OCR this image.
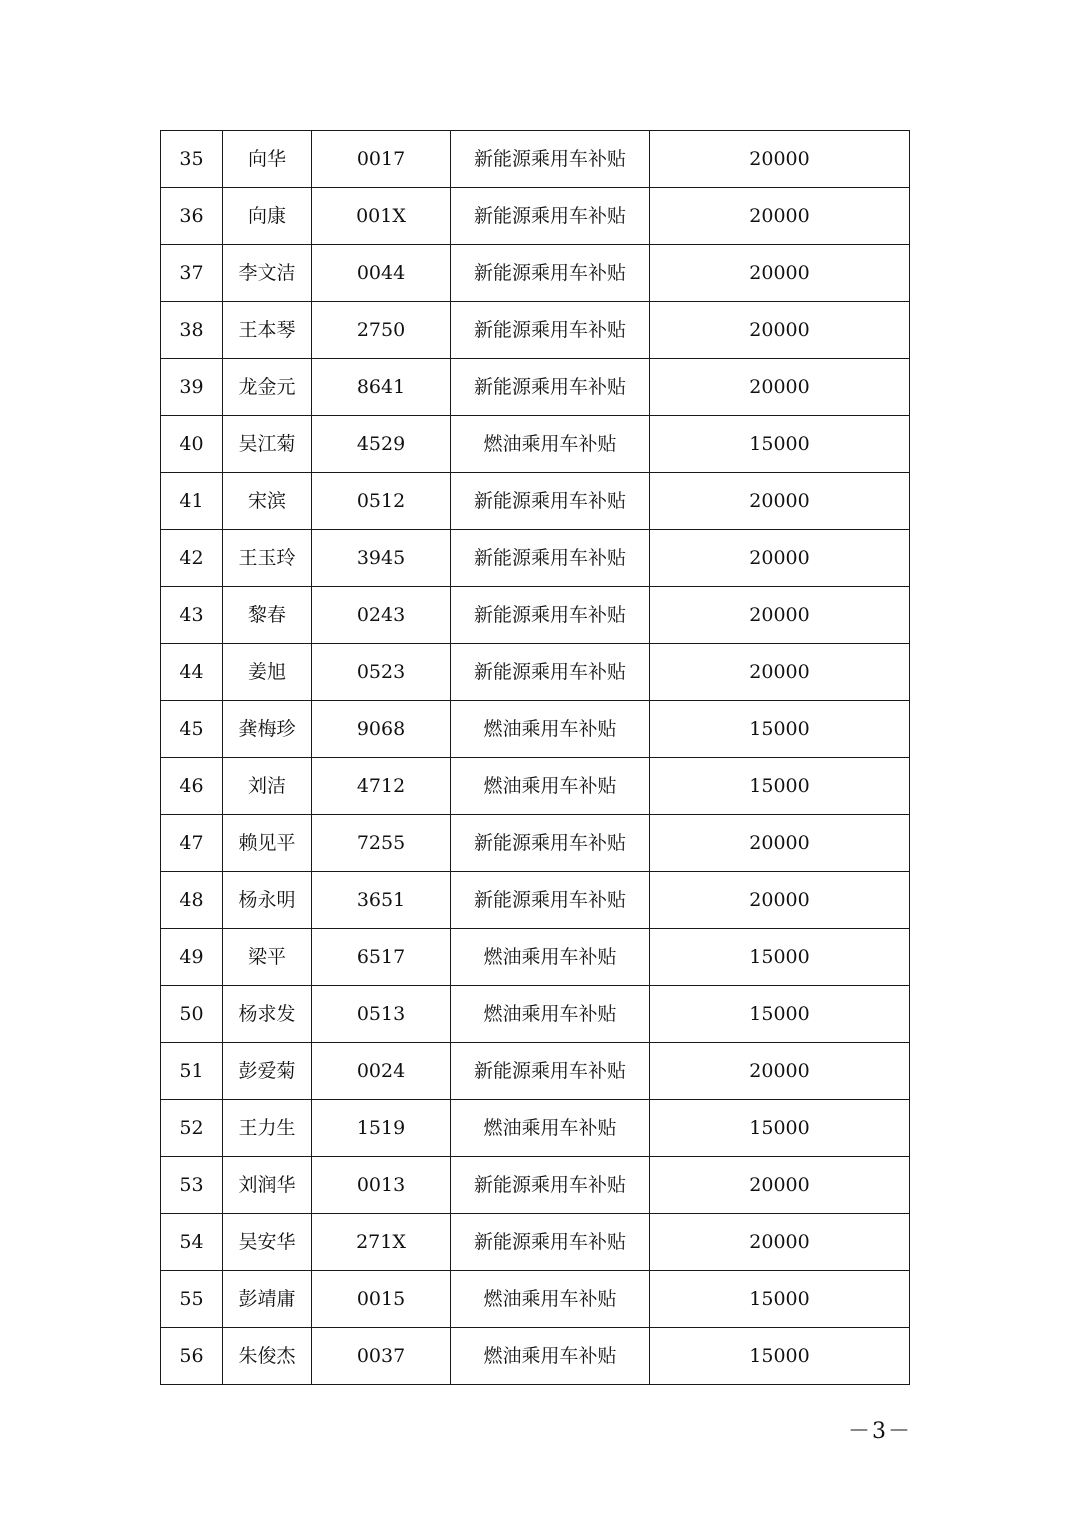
35	向华	0017	新能源乘用车补贴	20000
36	向康	001X	新能源乘用车补贴	20000
37	李文洁	0044	新能源乘用车补贴	20000
38	王本琴	2750	新能源乘用车补贴	20000
39	龙金元	8641	新能源乘用车补贴	20000
40	吴江菊	4529	燃油乘用车补贴	15000
41	宋滨	0512	新能源乘用车补贴	20000
42	王玉玲	3945	新能源乘用车补贴	20000
43	黎春	0243	新能源乘用车补贴	20000
44	姜旭	0523	新能源乘用车补贴	20000
45	龚梅珍	9068	燃油乘用车补贴	15000
46	刘洁	4712	燃油乘用车补贴	15000
47	赖见平	7255	新能源乘用车补贴	20000
48	杨永明	3651	新能源乘用车补贴	20000
49	梁平	6517	燃油乘用车补贴	15000
50	杨求发	0513	燃油乘用车补贴	15000
51	彭爱菊	0024	新能源乘用车补贴	20000
52	王力生	1519	燃油乘用车补贴	15000
53	刘润华	0013	新能源乘用车补贴	20000
54	吴安华	271X	新能源乘用车补贴	20000
55	彭靖庸	0015	燃油乘用车补贴	15000
56	朱俊杰	0037	燃油乘用车补贴	15000
－3－
